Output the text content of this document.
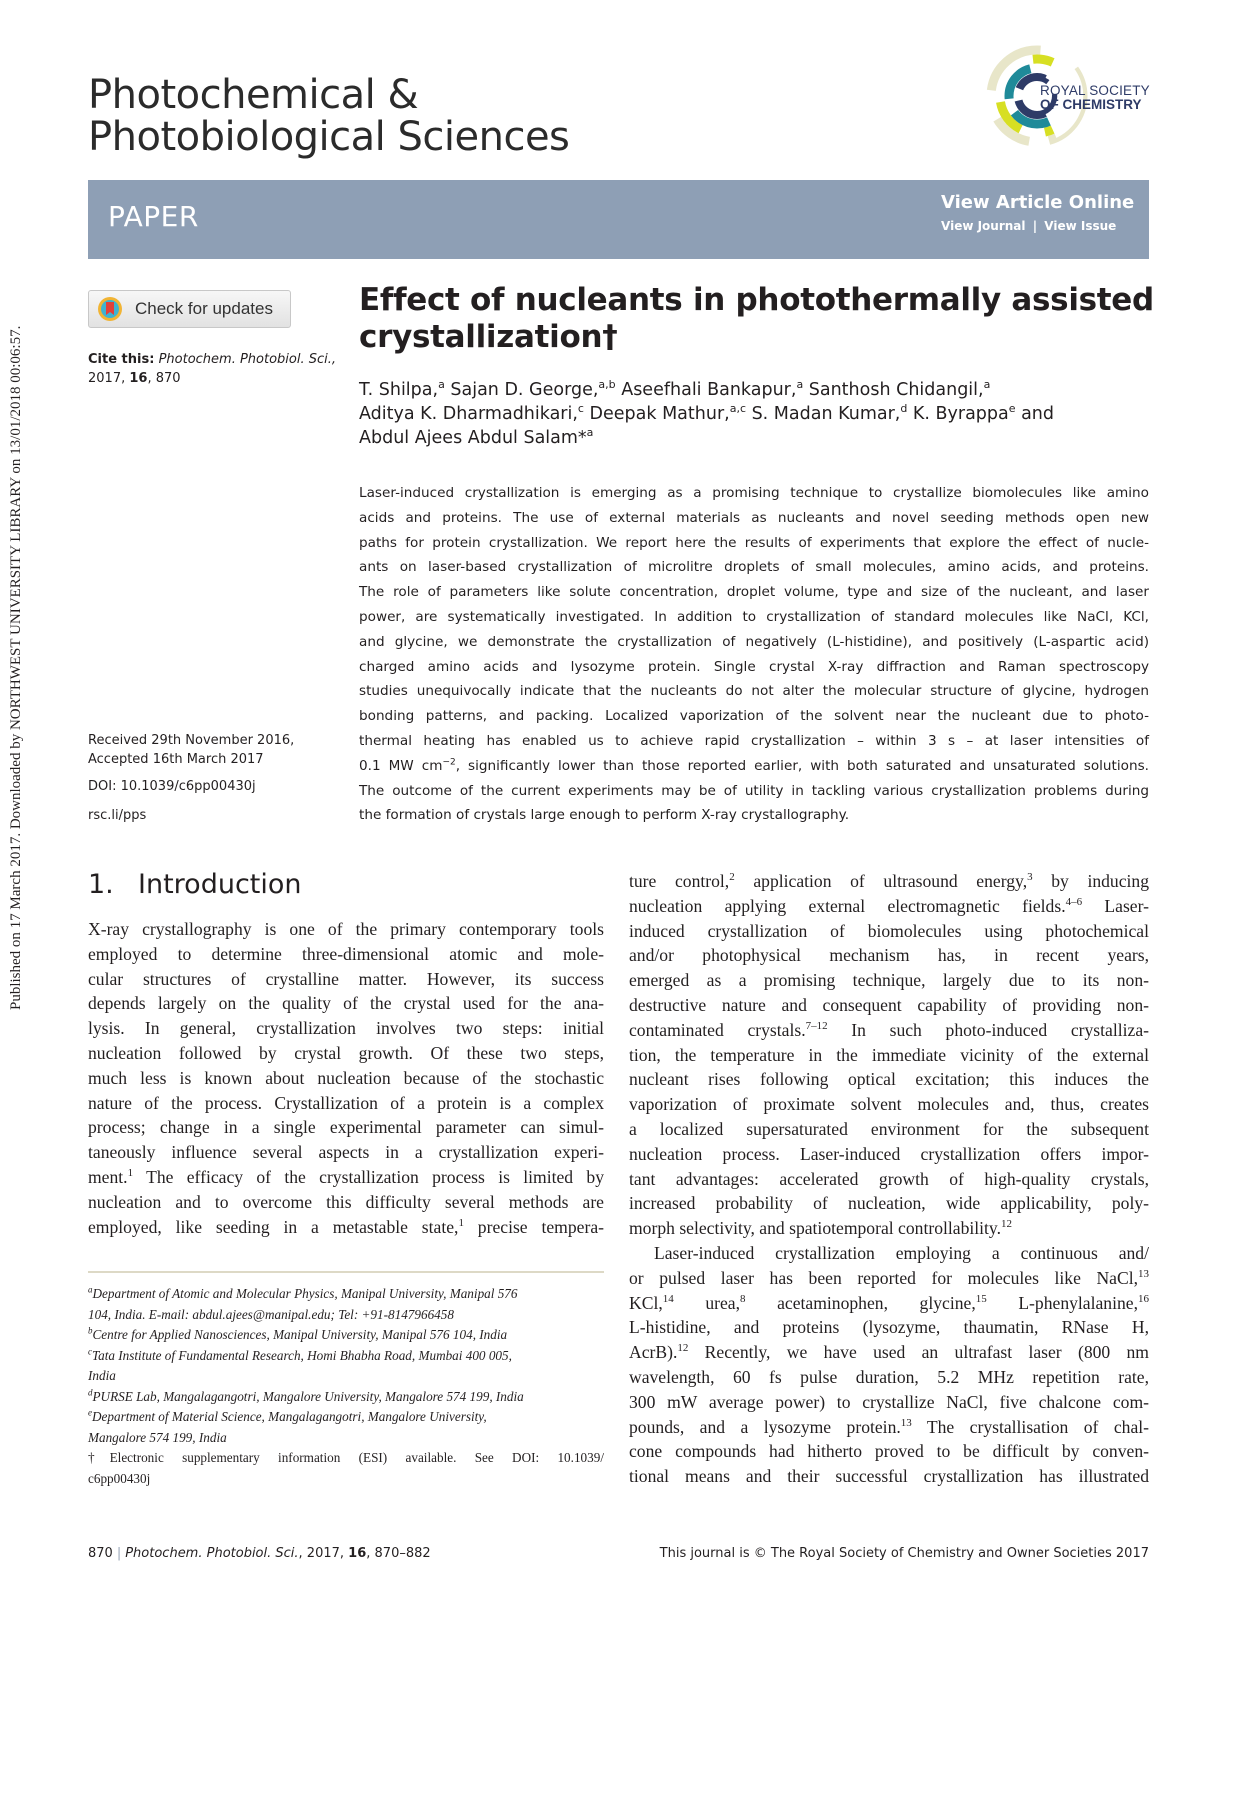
Published on 17 March 2017. Downloaded by NORTHWEST UNIVERSITY LIBRARY on 13/01/2018 00:06:57.
Photochemical &
Photobiological Sciences
ROYAL SOCIETY
OF CHEMISTRY
PAPER	View Article Online
View Journal | View Issue
Check for updates
Cite this: Photochem. Photobiol. Sci.,
2017, 16, 870
Received 29th November 2016,
Accepted 16th March 2017
DOI: 10.1039/c6pp00430j
rsc.li/pps
Effect of nucleants in photothermally assisted
crystallization†
T. Shilpa,$^a$ Sajan D. George,$^{a,b}$ Aseefhali Bankapur,$^a$ Santhosh Chidangil,$^a$
Aditya K. Dharmadhikari,$^c$ Deepak Mathur,$^{a,c}$ S. Madan Kumar,$^d$ K. Byrappa$^e$ and
Abdul Ajees Abdul Salam*$^a$
Laser-induced crystallization is emerging as a promising technique to crystallize biomolecules like amino
acids and proteins. The use of external materials as nucleants and novel seeding methods open new
paths for protein crystallization. We report here the results of experiments that explore the effect of nucle-
ants on laser-based crystallization of microlitre droplets of small molecules, amino acids, and proteins.
The role of parameters like solute concentration, droplet volume, type and size of the nucleant, and laser
power, are systematically investigated. In addition to crystallization of standard molecules like NaCl, KCl,
and glycine, we demonstrate the crystallization of negatively (L-histidine), and positively (L-aspartic acid)
charged amino acids and lysozyme protein. Single crystal X-ray diffraction and Raman spectroscopy
studies unequivocally indicate that the nucleants do not alter the molecular structure of glycine, hydrogen
bonding patterns, and packing. Localized vaporization of the solvent near the nucleant due to photo-
thermal heating has enabled us to achieve rapid crystallization – within 3 s – at laser intensities of
0.1 MW $cm^{-2}$, significantly lower than those reported earlier, with both saturated and unsaturated solutions.
The outcome of the current experiments may be of utility in tackling various crystallization problems during
the formation of crystals large enough to perform X-ray crystallography.
1. Introduction
X-ray crystallography is one of the primary contemporary tools
employed to determine three-dimensional atomic and mole-
cular structures of crystalline matter. However, its success
depends largely on the quality of the crystal used for the ana-
lysis. In general, crystallization involves two steps: initial
nucleation followed by crystal growth. Of these two steps,
much less is known about nucleation because of the stochastic
nature of the process. Crystallization of a protein is a complex
process; change in a single experimental parameter can simul-
taneously influence several aspects in a crystallization experi-
ment.$^1$ The efficacy of the crystallization process is limited by
nucleation and to overcome this difficulty several methods are
employed, like seeding in a metastable state,$^1$ precise tempera-
ture control,$^2$ application of ultrasound energy,$^3$ by inducing
nucleation applying external electromagnetic fields.$^{4-6}$ Laser-
induced crystallization of biomolecules using photochemical
and/or photophysical mechanism has, in recent years,
emerged as a promising technique, largely due to its non-
destructive nature and consequent capability of providing non-
contaminated crystals.$^{7-12}$ In such photo-induced crystalliza-
tion, the temperature in the immediate vicinity of the external
nucleant rises following optical excitation; this induces the
vaporization of proximate solvent molecules and, thus, creates
a localized supersaturated environment for the subsequent
nucleation process. Laser-induced crystallization offers impor-
tant advantages: accelerated growth of high-quality crystals,
increased probability of nucleation, wide applicability, poly-
morph selectivity, and spatiotemporal controllability.$^{12}$
Laser-induced crystallization employing a continuous and/
or pulsed laser has been reported for molecules like NaCl,$^{13}$
KCl,$^{14}$ urea,$^8$ acetaminophen, glycine,$^{15}$ L-phenylalanine,$^{16}$
L-histidine, and proteins (lysozyme, thaumatin, RNase H,
AcrB).$^{12}$ Recently, we have used an ultrafast laser (800 nm
wavelength, 60 fs pulse duration, 5.2 MHz repetition rate,
300 mW average power) to crystallize NaCl, five chalcone com-
pounds, and a lysozyme protein.$^{13}$ The crystallisation of chal-
cone compounds had hitherto proved to be difficult by conven-
tional means and their successful crystallization has illustrated
$^a$Department of Atomic and Molecular Physics, Manipal University, Manipal 576
104, India. E-mail: abdul.ajees@manipal.edu; Tel: +91-8147966458
$^b$Centre for Applied Nanosciences, Manipal University, Manipal 576 104, India
$^c$Tata Institute of Fundamental Research, Homi Bhabha Road, Mumbai 400 005,
India
$^d$PURSE Lab, Mangalagangotri, Mangalore University, Mangalore 574 199, India
$^e$Department of Material Science, Mangalagangotri, Mangalore University,
Mangalore 574 199, India
†Electronic supplementary information (ESI) available. See DOI: 10.1039/
c6pp00430j
870 | Photochem. Photobiol. Sci., 2017, 16, 870–882	This journal is © The Royal Society of Chemistry and Owner Societies 2017
